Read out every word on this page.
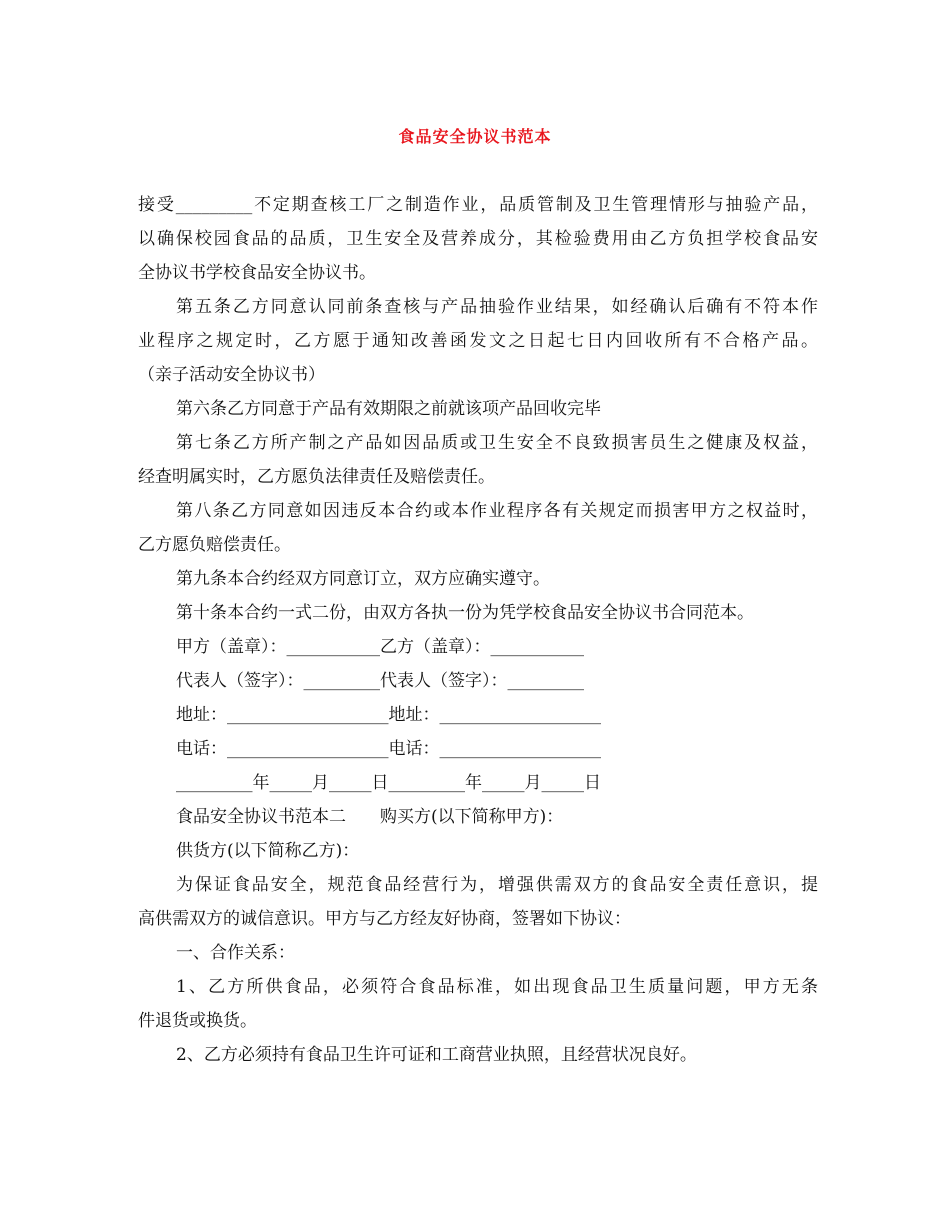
食品安全协议书范本

接受_________不定期查核工厂之制造作业，品质管制及卫生管理情形与抽验产品，

以确保校园食品的品质，卫生安全及营养成分，其检验费用由乙方负担学校食品安

全协议书学校食品安全协议书。

第五条乙方同意认同前条查核与产品抽验作业结果，如经确认后确有不符本作

业程序之规定时，乙方愿于通知改善函发文之日起七日内回收所有不合格产品。

（亲子活动安全协议书）

第六条乙方同意于产品有效期限之前就该项产品回收完毕

第七条乙方所产制之产品如因品质或卫生安全不良致损害员生之健康及权益，

经查明属实时，乙方愿负法律责任及赔偿责任。

第八条乙方同意如因违反本合约或本作业程序各有关规定而损害甲方之权益时，

乙方愿负赔偿责任。

第九条本合约经双方同意订立，双方应确实遵守。

第十条本合约一式二份，由双方各执一份为凭学校食品安全协议书合同范本。

甲方（盖章）：___________乙方（盖章）：___________

代表人（签字）：_________代表人（签字）：_________

地址：___________________地址：___________________

电话：___________________电话：___________________

_________年_____月_____日_________年_____月_____日

食品安全协议书范本二　　购买方(以下简称甲方)：

供货方(以下简称乙方)：

为保证食品安全，规范食品经营行为，增强供需双方的食品安全责任意识，提

高供需双方的诚信意识。甲方与乙方经友好协商，签署如下协议：

一、合作关系：

1、乙方所供食品，必须符合食品标准，如出现食品卫生质量问题，甲方无条

件退货或换货。

2、乙方必须持有食品卫生许可证和工商营业执照，且经营状况良好。
